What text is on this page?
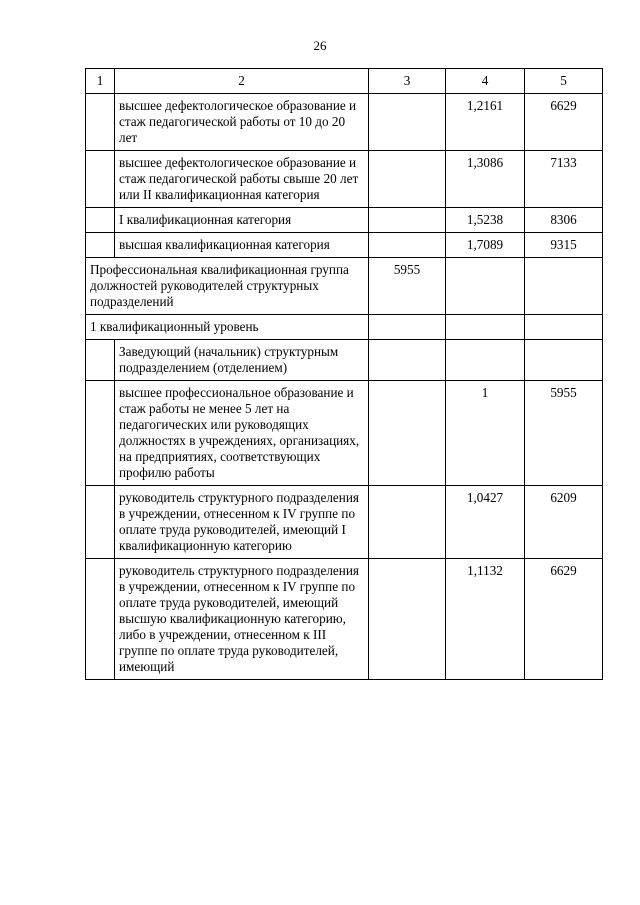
26
1	2	3	4	5
	высшее дефектологическое образование и стаж педагогической работы от 10 до 20 лет		1,2161	6629
	высшее дефектологическое образование и стаж педагогической работы свыше 20 лет или II квалификационная категория		1,3086	7133
	I квалификационная категория		1,5238	8306
	высшая квалификационная категория		1,7089	9315
Профессиональная квалификационная группа должностей руководителей структурных подразделений		5955		
1 квалификационный уровень				
	Заведующий (начальник) структурным подразделением (отделением)			
	высшее профессиональное образование и стаж работы не менее 5 лет на педагогических или руководящих должностях в учреждениях, организациях, на предприятиях, соответствующих профилю работы		1	5955
	руководитель структурного подразделения в учреждении, отнесенном к IV группе по оплате труда руководителей, имеющий I квалификационную категорию		1,0427	6209
	руководитель структурного подразделения в учреждении, отнесенном к IV группе по оплате труда руководителей, имеющий высшую квалификационную категорию, либо в учреждении, отнесенном к III группе по оплате труда руководителей, имеющий		1,1132	6629
